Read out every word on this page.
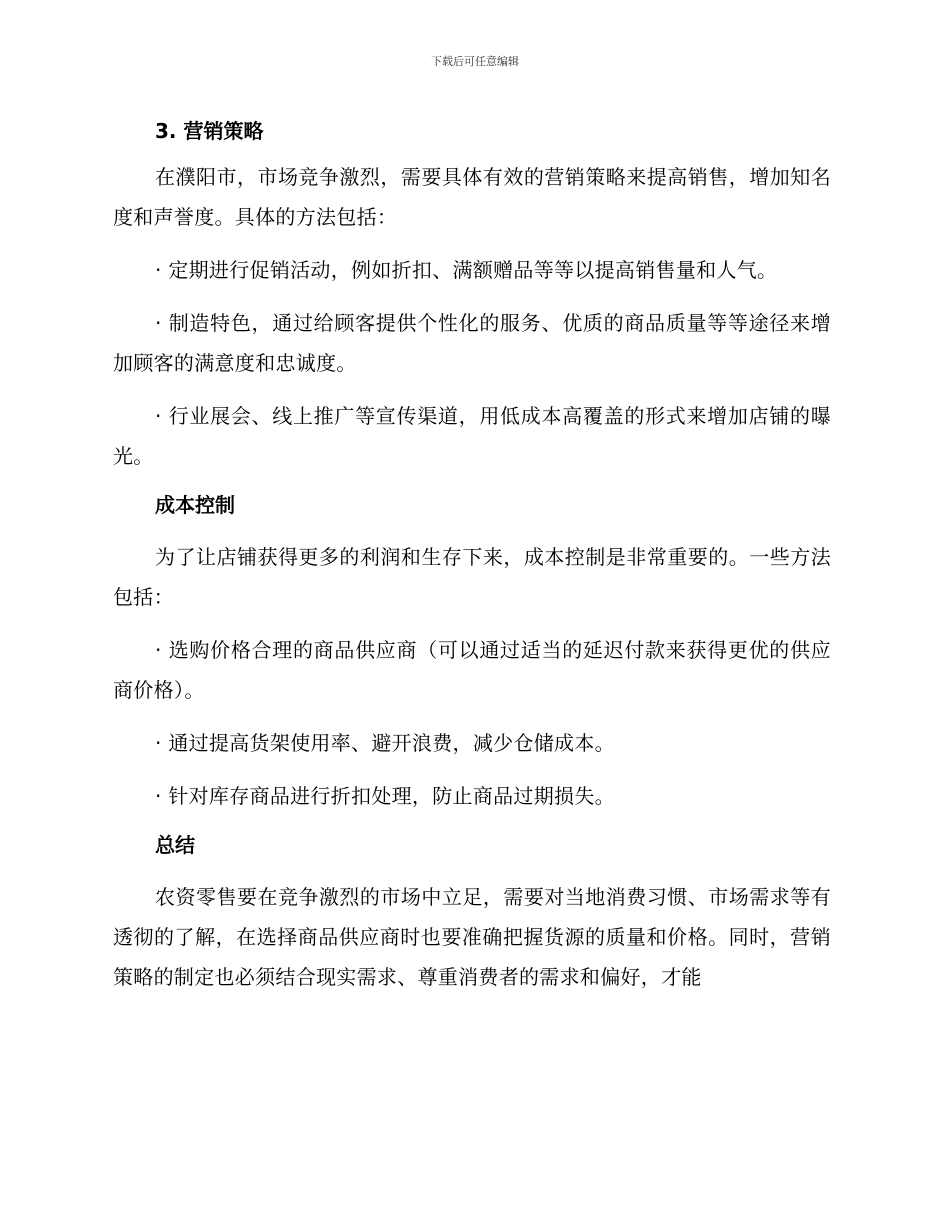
下载后可任意编辑
3. 营销策略

在濮阳市，市场竞争激烈，需要具体有效的营销策略来提高销售，增加知名度和声誉度。具体的方法包括：

· 定期进行促销活动，例如折扣、满额赠品等等以提高销售量和人气。

· 制造特色，通过给顾客提供个性化的服务、优质的商品质量等等途径来增加顾客的满意度和忠诚度。

· 行业展会、线上推广等宣传渠道，用低成本高覆盖的形式来增加店铺的曝光。

成本控制

为了让店铺获得更多的利润和生存下来，成本控制是非常重要的。一些方法包括：

· 选购价格合理的商品供应商（可以通过适当的延迟付款来获得更优的供应商价格）。

· 通过提高货架使用率、避开浪费，减少仓储成本。

· 针对库存商品进行折扣处理，防止商品过期损失。

总结

农资零售要在竞争激烈的市场中立足，需要对当地消费习惯、市场需求等有透彻的了解，在选择商品供应商时也要准确把握货源的质量和价格。同时，营销策略的制定也必须结合现实需求、尊重消费者的需求和偏好，才能
